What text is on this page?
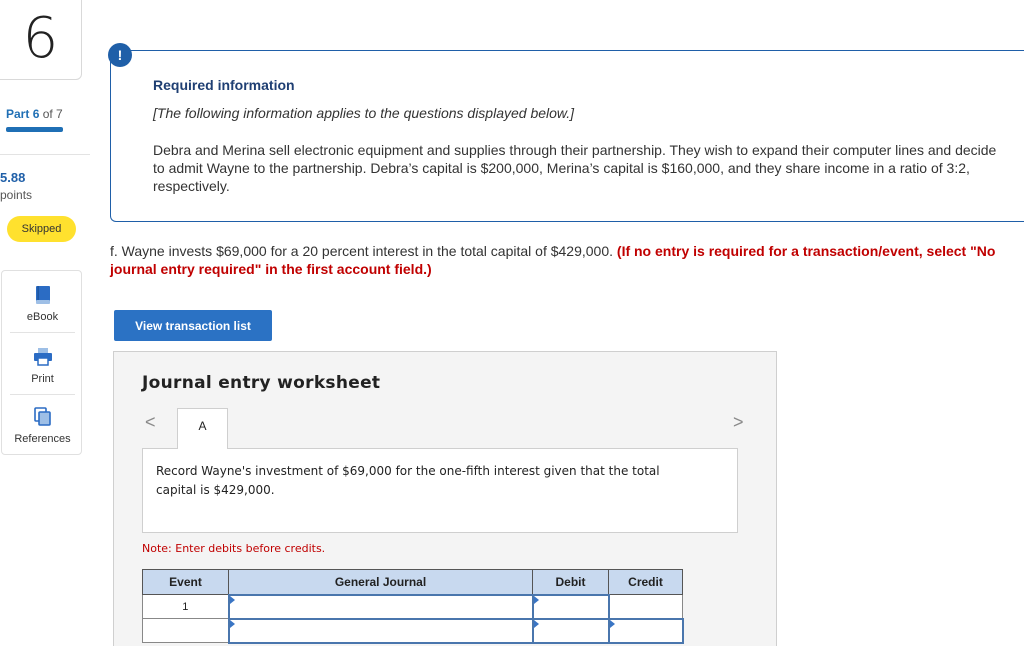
6
Part 6 of 7
5.88
points
Skipped
eBook
Print
References
!
Required information
[The following information applies to the questions displayed below.]
Debra and Merina sell electronic equipment and supplies through their partnership. They wish to expand their computer lines and decide to admit Wayne to the partnership. Debra’s capital is $200,000, Merina’s capital is $160,000, and they share income in a ratio of 3:2, respectively.
f. Wayne invests $69,000 for a 20 percent interest in the total capital of $429,000. (If no entry is required for a transaction/event, select "No journal entry required" in the first account field.)
View transaction list
Journal entry worksheet
<	>
A
Record Wayne's investment of $69,000 for the one-fifth interest given that the total capital is $429,000.
Note: Enter debits before credits.
Event	General Journal	Debit	Credit
1			
